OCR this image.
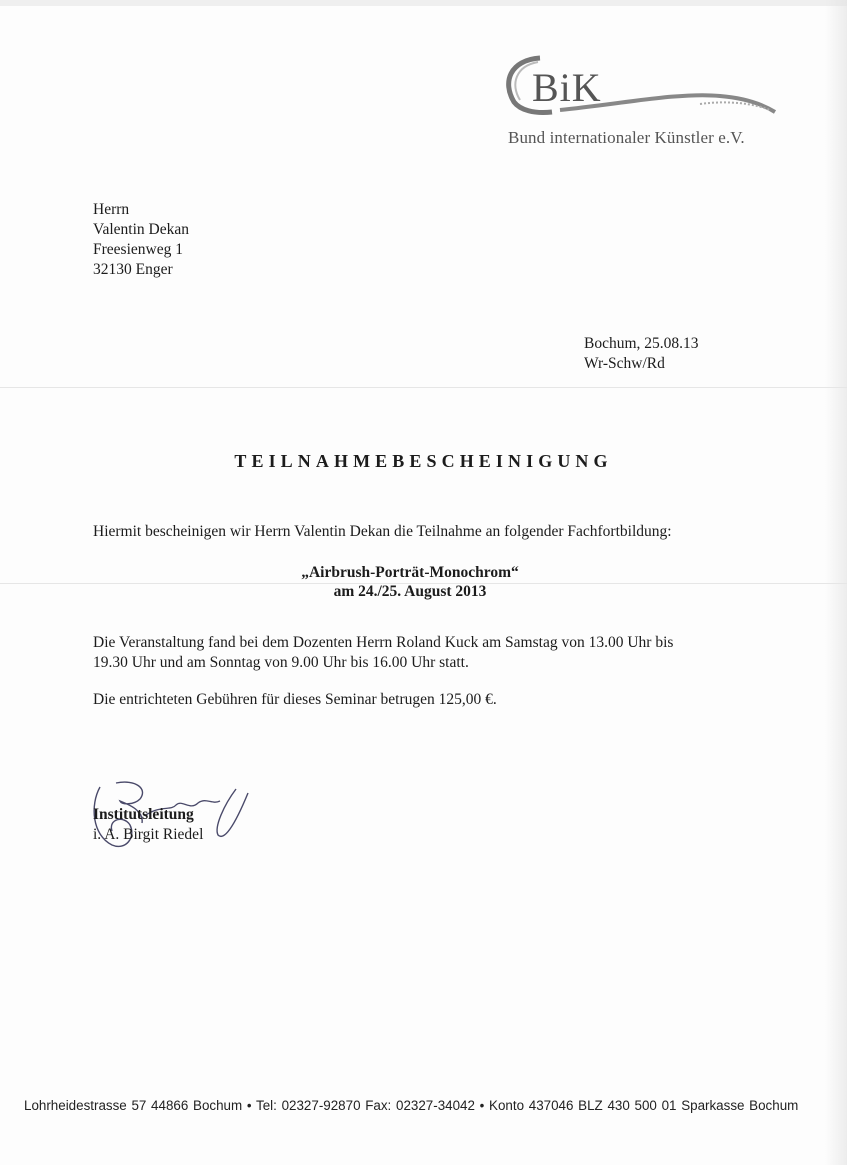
BiK
Bund internationaler Künstler e.V.
Herrn
Valentin Dekan
Freesienweg 1
32130 Enger
Bochum, 25.08.13
Wr-Schw/Rd
TEILNAHMEBESCHEINIGUNG
Hiermit bescheinigen wir Herrn Valentin Dekan die Teilnahme an folgender Fachfortbildung:
„Airbrush-Porträt-Monochrom“
am 24./25. August 2013
Die Veranstaltung fand bei dem Dozenten Herrn Roland Kuck am Samstag von 13.00 Uhr bis
19.30 Uhr und am Sonntag von 9.00 Uhr bis 16.00 Uhr statt.
Die entrichteten Gebühren für dieses Seminar betrugen 125,00 €.
Institutsleitung
i. A. Birgit Riedel
Lohrheidestrasse 57 44866 Bochum • Tel: 02327-92870 Fax: 02327-34042 • Konto 437046 BLZ 430 500 01 Sparkasse Bochum
